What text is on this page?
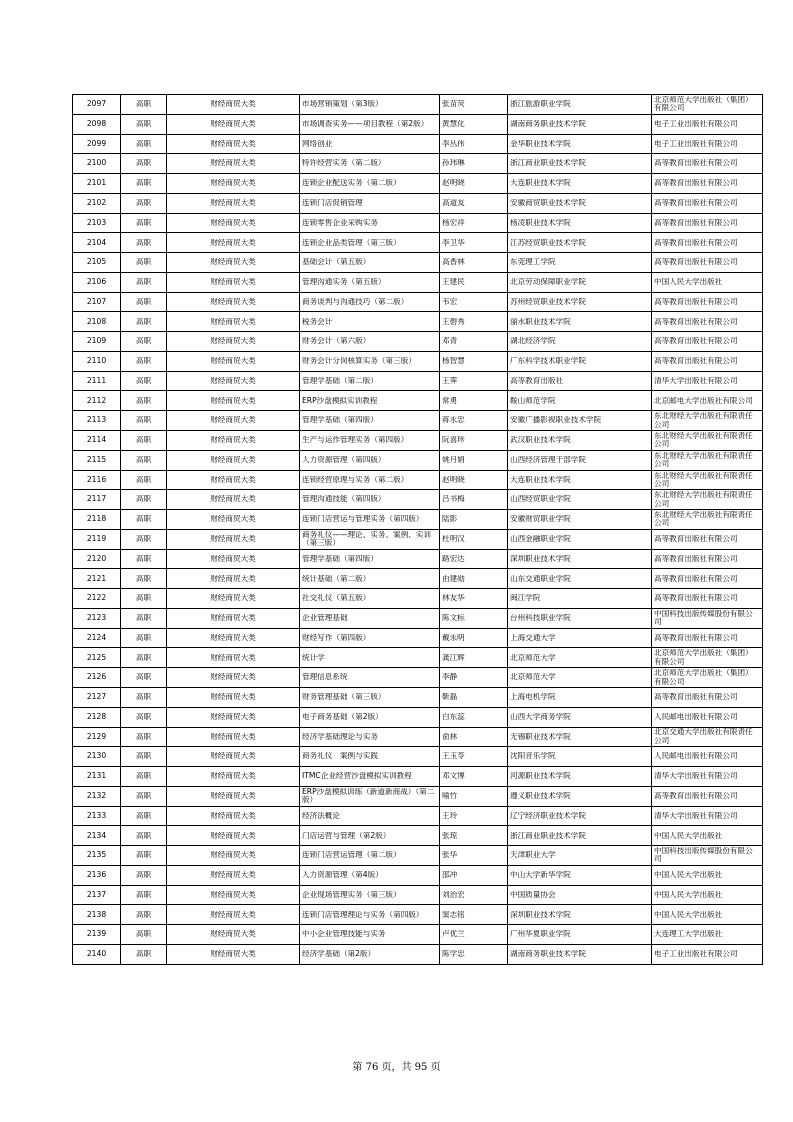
2097	高职	财经商贸大类	市场营销策划（第3版）	张苗荧	浙江旅游职业学院	北京师范大学出版社（集团）有限公司

2098	高职	财经商贸大类	市场调查实务——项目教程（第2版）	黄慧化	湖南商务职业技术学院	电子工业出版社有限公司

2099	高职	财经商贸大类	网络创业	李丛伟	金华职业技术学院	电子工业出版社有限公司

2100	高职	财经商贸大类	特许经营实务（第二版）	孙玮琳	浙江商业职业技术学院	高等教育出版社有限公司

2101	高职	财经商贸大类	连锁企业配送实务（第二版）	赵明晓	大连职业技术学院	高等教育出版社有限公司

2102	高职	财经商贸大类	连锁门店促销管理	高道友	安徽商贸职业技术学院	高等教育出版社有限公司

2103	高职	财经商贸大类	连锁零售企业采购实务	杨宏祥	杨凌职业技术学院	高等教育出版社有限公司

2104	高职	财经商贸大类	连锁企业品类管理（第三版）	李卫华	江苏经贸职业技术学院	高等教育出版社有限公司

2105	高职	财经商贸大类	基础会计（第五版）	高香林	东莞理工学院	高等教育出版社有限公司

2106	高职	财经商贸大类	管理沟通实务（第五版）	王建民	北京劳动保障职业学院	中国人民大学出版社

2107	高职	财经商贸大类	商务谈判与沟通技巧（第二版）	韦宏	苏州经贸职业技术学院	高等教育出版社有限公司

2108	高职	财经商贸大类	税务会计	王碧秀	丽水职业技术学院	高等教育出版社有限公司

2109	高职	财经商贸大类	财务会计（第六版）	邓青	湖北经济学院	高等教育出版社有限公司

2110	高职	财经商贸大类	财务会计分岗核算实务（第三版）	杨智慧	广东科学技术职业学院	高等教育出版社有限公司

2111	高职	财经商贸大类	管理学基础（第二版）	王霁	高等教育出版社	清华大学出版社有限公司

2112	高职	财经商贸大类	ERP沙盘模拟实训教程	常勇	鞍山师范学院	北京邮电大学出版社有限公司

2113	高职	财经商贸大类	管理学基础（第四版）	蒋永忠	安徽广播影视职业技术学院	东北财经大学出版社有限责任公司

2114	高职	财经商贸大类	生产与运作管理实务（第四版）	阮喜珍	武汉职业技术学院	东北财经大学出版社有限责任公司

2115	高职	财经商贸大类	人力资源管理（第四版）	姚月娟	山西经济管理干部学院	东北财经大学出版社有限责任公司

2116	高职	财经商贸大类	连锁经营原理与实务（第二版）	赵明晓	大连职业技术学院	东北财经大学出版社有限责任公司

2117	高职	财经商贸大类	管理沟通技能（第四版）	吕书梅	山西经贸职业学院	东北财经大学出版社有限责任公司

2118	高职	财经商贸大类	连锁门店营运与管理实务（第四版）	陆影	安徽财贸职业学院	东北财经大学出版社有限责任公司

2119	高职	财经商贸大类	商务礼仪——理论、实务、案例、实训（第三版）	杜明汉	山西金融职业学院	高等教育出版社有限公司

2120	高职	财经商贸大类	管理学基础（第四版）	路宏达	深圳职业技术学院	高等教育出版社有限公司

2121	高职	财经商贸大类	统计基础（第二版）	由建勋	山东交通职业学院	高等教育出版社有限公司

2122	高职	财经商贸大类	社交礼仪（第五版）	林友华	闽江学院	高等教育出版社有限公司

2123	高职	财经商贸大类	企业管理基础	陈文标	台州科技职业学院	中国科技出版传媒股份有限公司

2124	高职	财经商贸大类	财经写作（第四版）	戴永明	上海交通大学	高等教育出版社有限公司

2125	高职	财经商贸大类	统计学	龚江辉	北京师范大学	北京师范大学出版社（集团）有限公司

2126	高职	财经商贸大类	管理信息系统	李静	北京师范大学	北京师范大学出版社（集团）有限公司

2127	高职	财经商贸大类	财务管理基础（第三版）	靳磊	上海电机学院	高等教育出版社有限公司

2128	高职	财经商贸大类	电子商务基础（第2版）	白东蕊	山西大学商务学院	人民邮电出版社有限公司

2129	高职	财经商贸大类	经济学基础理论与实务	俞林	无锡职业技术学院	北京交通大学出版社有限责任公司

2130	高职	财经商贸大类	商务礼仪　案例与实践	王玉苓	沈阳音乐学院	人民邮电出版社有限公司

2131	高职	财经商贸大类	ITMC企业经营沙盘模拟实训教程	邓文博	河源职业技术学院	清华大学出版社有限公司

2132	高职	财经商贸大类	ERP沙盘模拟训练（新道新商战）（第二版）	喻竹	遵义职业技术学院	高等教育出版社有限公司

2133	高职	财经商贸大类	经济法概论	王玲	辽宁经济职业技术学院	清华大学出版社有限公司

2134	高职	财经商贸大类	门店运营与管理（第2版）	张琼	浙江商业职业技术学院	中国人民大学出版社

2135	高职	财经商贸大类	连锁门店营运管理（第二版）	张华	天津职业大学	中国科技出版传媒股份有限公司

2136	高职	财经商贸大类	人力资源管理（第4版）	邵冲	中山大学新华学院	中国人民大学出版社

2137	高职	财经商贸大类	企业现场管理实务（第三版）	刘治宏	中国质量协会	中国人民大学出版社

2138	高职	财经商贸大类	连锁门店管理理论与实务（第四版）	窦志铭	深圳职业技术学院	中国人民大学出版社

2139	高职	财经商贸大类	中小企业管理技能与实务	卢优兰	广州华夏职业学院	大连理工大学出版社

2140	高职	财经商贸大类	经济学基础（第2版）	陈学忠	湖南商务职业技术学院	电子工业出版社有限公司
第 76 页，共 95 页
